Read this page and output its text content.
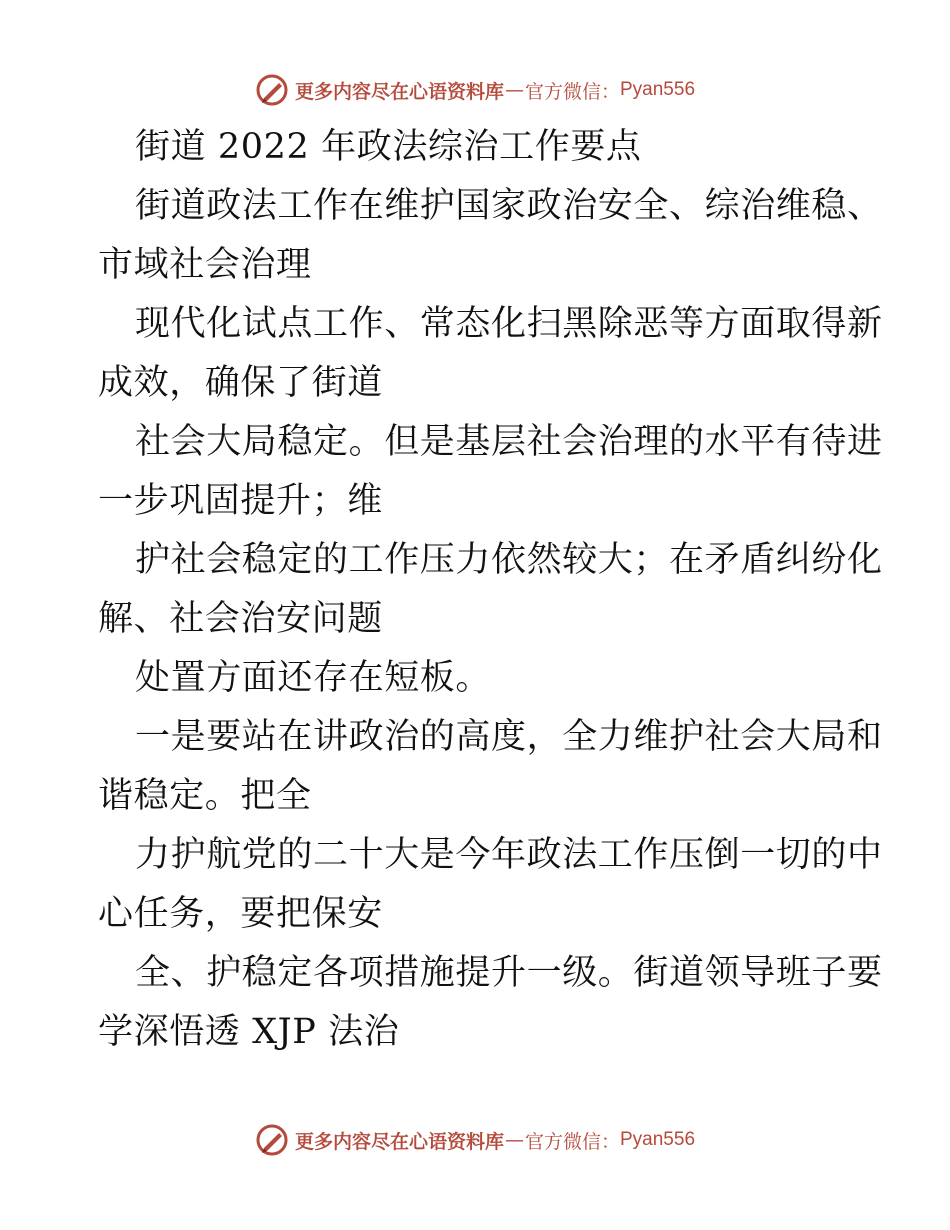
更多内容尽在心语资料库 — 官方微信： Pyan556
街道 2022 年政法综治工作要点
街道政法工作在维护国家政治安全、综治维稳、
市域社会治理
现代化试点工作、常态化扫黑除恶等方面取得新
成效，确保了街道
社会大局稳定。但是基层社会治理的水平有待进
一步巩固提升；维
护社会稳定的工作压力依然较大；在矛盾纠纷化
解、社会治安问题
处置方面还存在短板。
一是要站在讲政治的高度，全力维护社会大局和
谐稳定。把全
力护航党的二十大是今年政法工作压倒一切的中
心任务，要把保安
全、护稳定各项措施提升一级。街道领导班子要
学深悟透 XJP 法治
更多内容尽在心语资料库 — 官方微信： Pyan556
